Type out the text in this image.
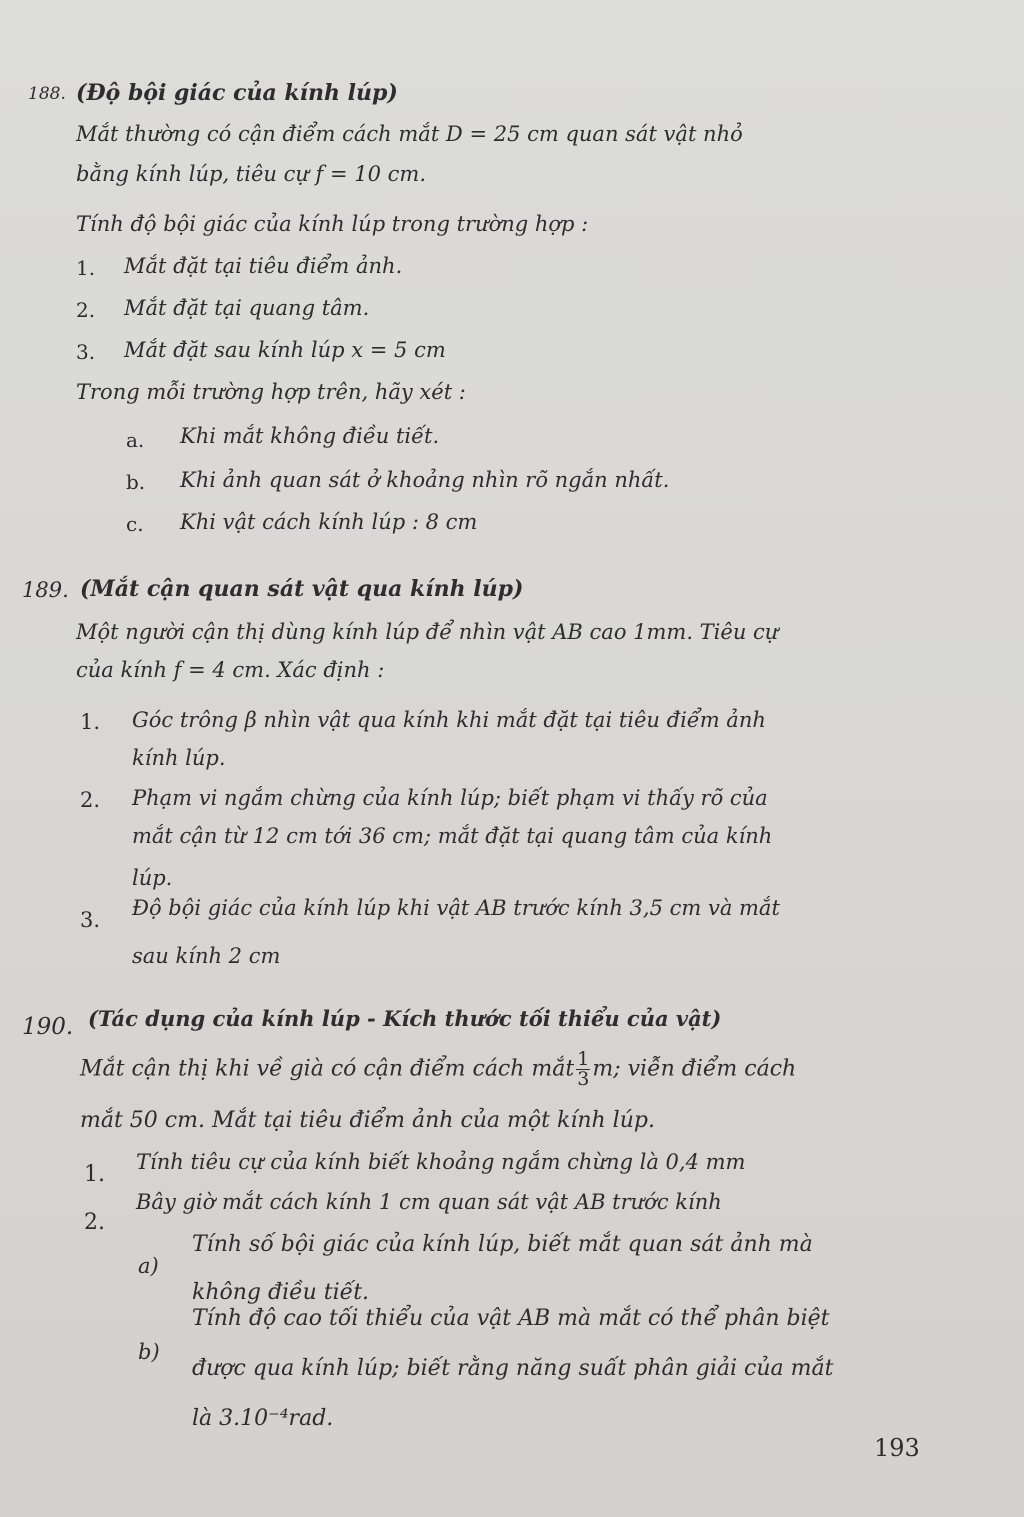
188. (Độ bội giác của kính lúp)
Mắt thường có cận điểm cách mắt D = 25 cm quan sát vật nhỏ
bằng kính lúp, tiêu cự f = 10 cm.
Tính độ bội giác của kính lúp trong trường hợp :
1. Mắt đặt tại tiêu điểm ảnh.
2. Mắt đặt tại quang tâm.
3. Mắt đặt sau kính lúp x = 5 cm
Trong mỗi trường hợp trên, hãy xét :
a. Khi mắt không điều tiết.
b. Khi ảnh quan sát ở khoảng nhìn rõ ngắn nhất.
c. Khi vật cách kính lúp : 8 cm
189. (Mắt cận quan sát vật qua kính lúp)
Một người cận thị dùng kính lúp để nhìn vật AB cao 1mm. Tiêu cự
của kính f = 4 cm. Xác định :
1. Góc trông β nhìn vật qua kính khi mắt đặt tại tiêu điểm ảnh
kính lúp.
2. Phạm vi ngắm chừng của kính lúp; biết phạm vi thấy rõ của
mắt cận từ 12 cm tới 36 cm; mắt đặt tại quang tâm của kính
lúp.
3. Độ bội giác của kính lúp khi vật AB trước kính 3,5 cm và mắt
sau kính 2 cm
190. (Tác dụng của kính lúp - Kích thước tối thiểu của vật)
Mắt cận thị khi về già có cận điểm cách mắt $\frac{1}{3} m$; viễn điểm cách
mắt 50 cm. Mắt tại tiêu điểm ảnh của một kính lúp.
1. Tính tiêu cự của kính biết khoảng ngắm chừng là 0,4 mm
2.
Bây giờ mắt cách kính 1 cm quan sát vật AB trước kính
a)
Tính số bội giác của kính lúp, biết mắt quan sát ảnh mà
không điều tiết.
b)
Tính độ cao tối thiểu của vật AB mà mắt có thể phân biệt
được qua kính lúp; biết rằng năng suất phân giải của mắt
là 3.10⁻⁴rad.
193
